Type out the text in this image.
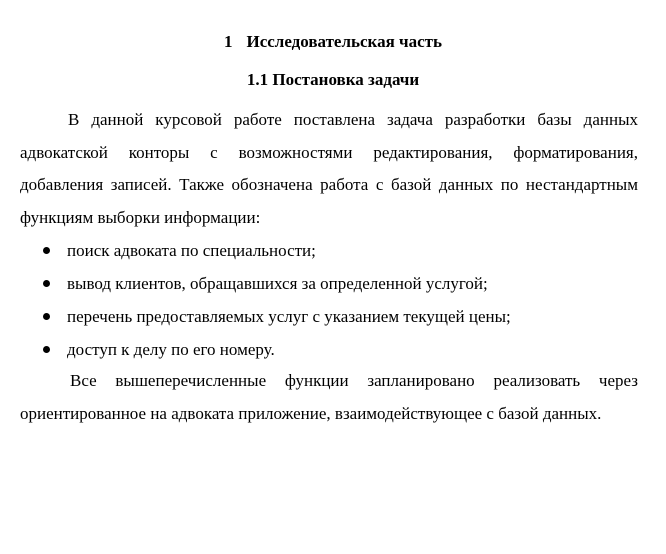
1 Исследовательская часть
1.1 Постановка задачи
В данной курсовой работе поставлена задача разработки базы данных адвокатской конторы с возможностями редактирования, форматирования, добавления записей. Также обозначена работа с базой данных по нестандартным функциям выборки информации:
поиск адвоката по специальности;
вывод клиентов, обращавшихся за определенной услугой;
перечень предоставляемых услуг с указанием текущей цены;
доступ к делу по его номеру.
Все вышеперечисленные функции запланировано реализовать через ориентированное на адвоката приложение, взаимодействующее с базой данных.
